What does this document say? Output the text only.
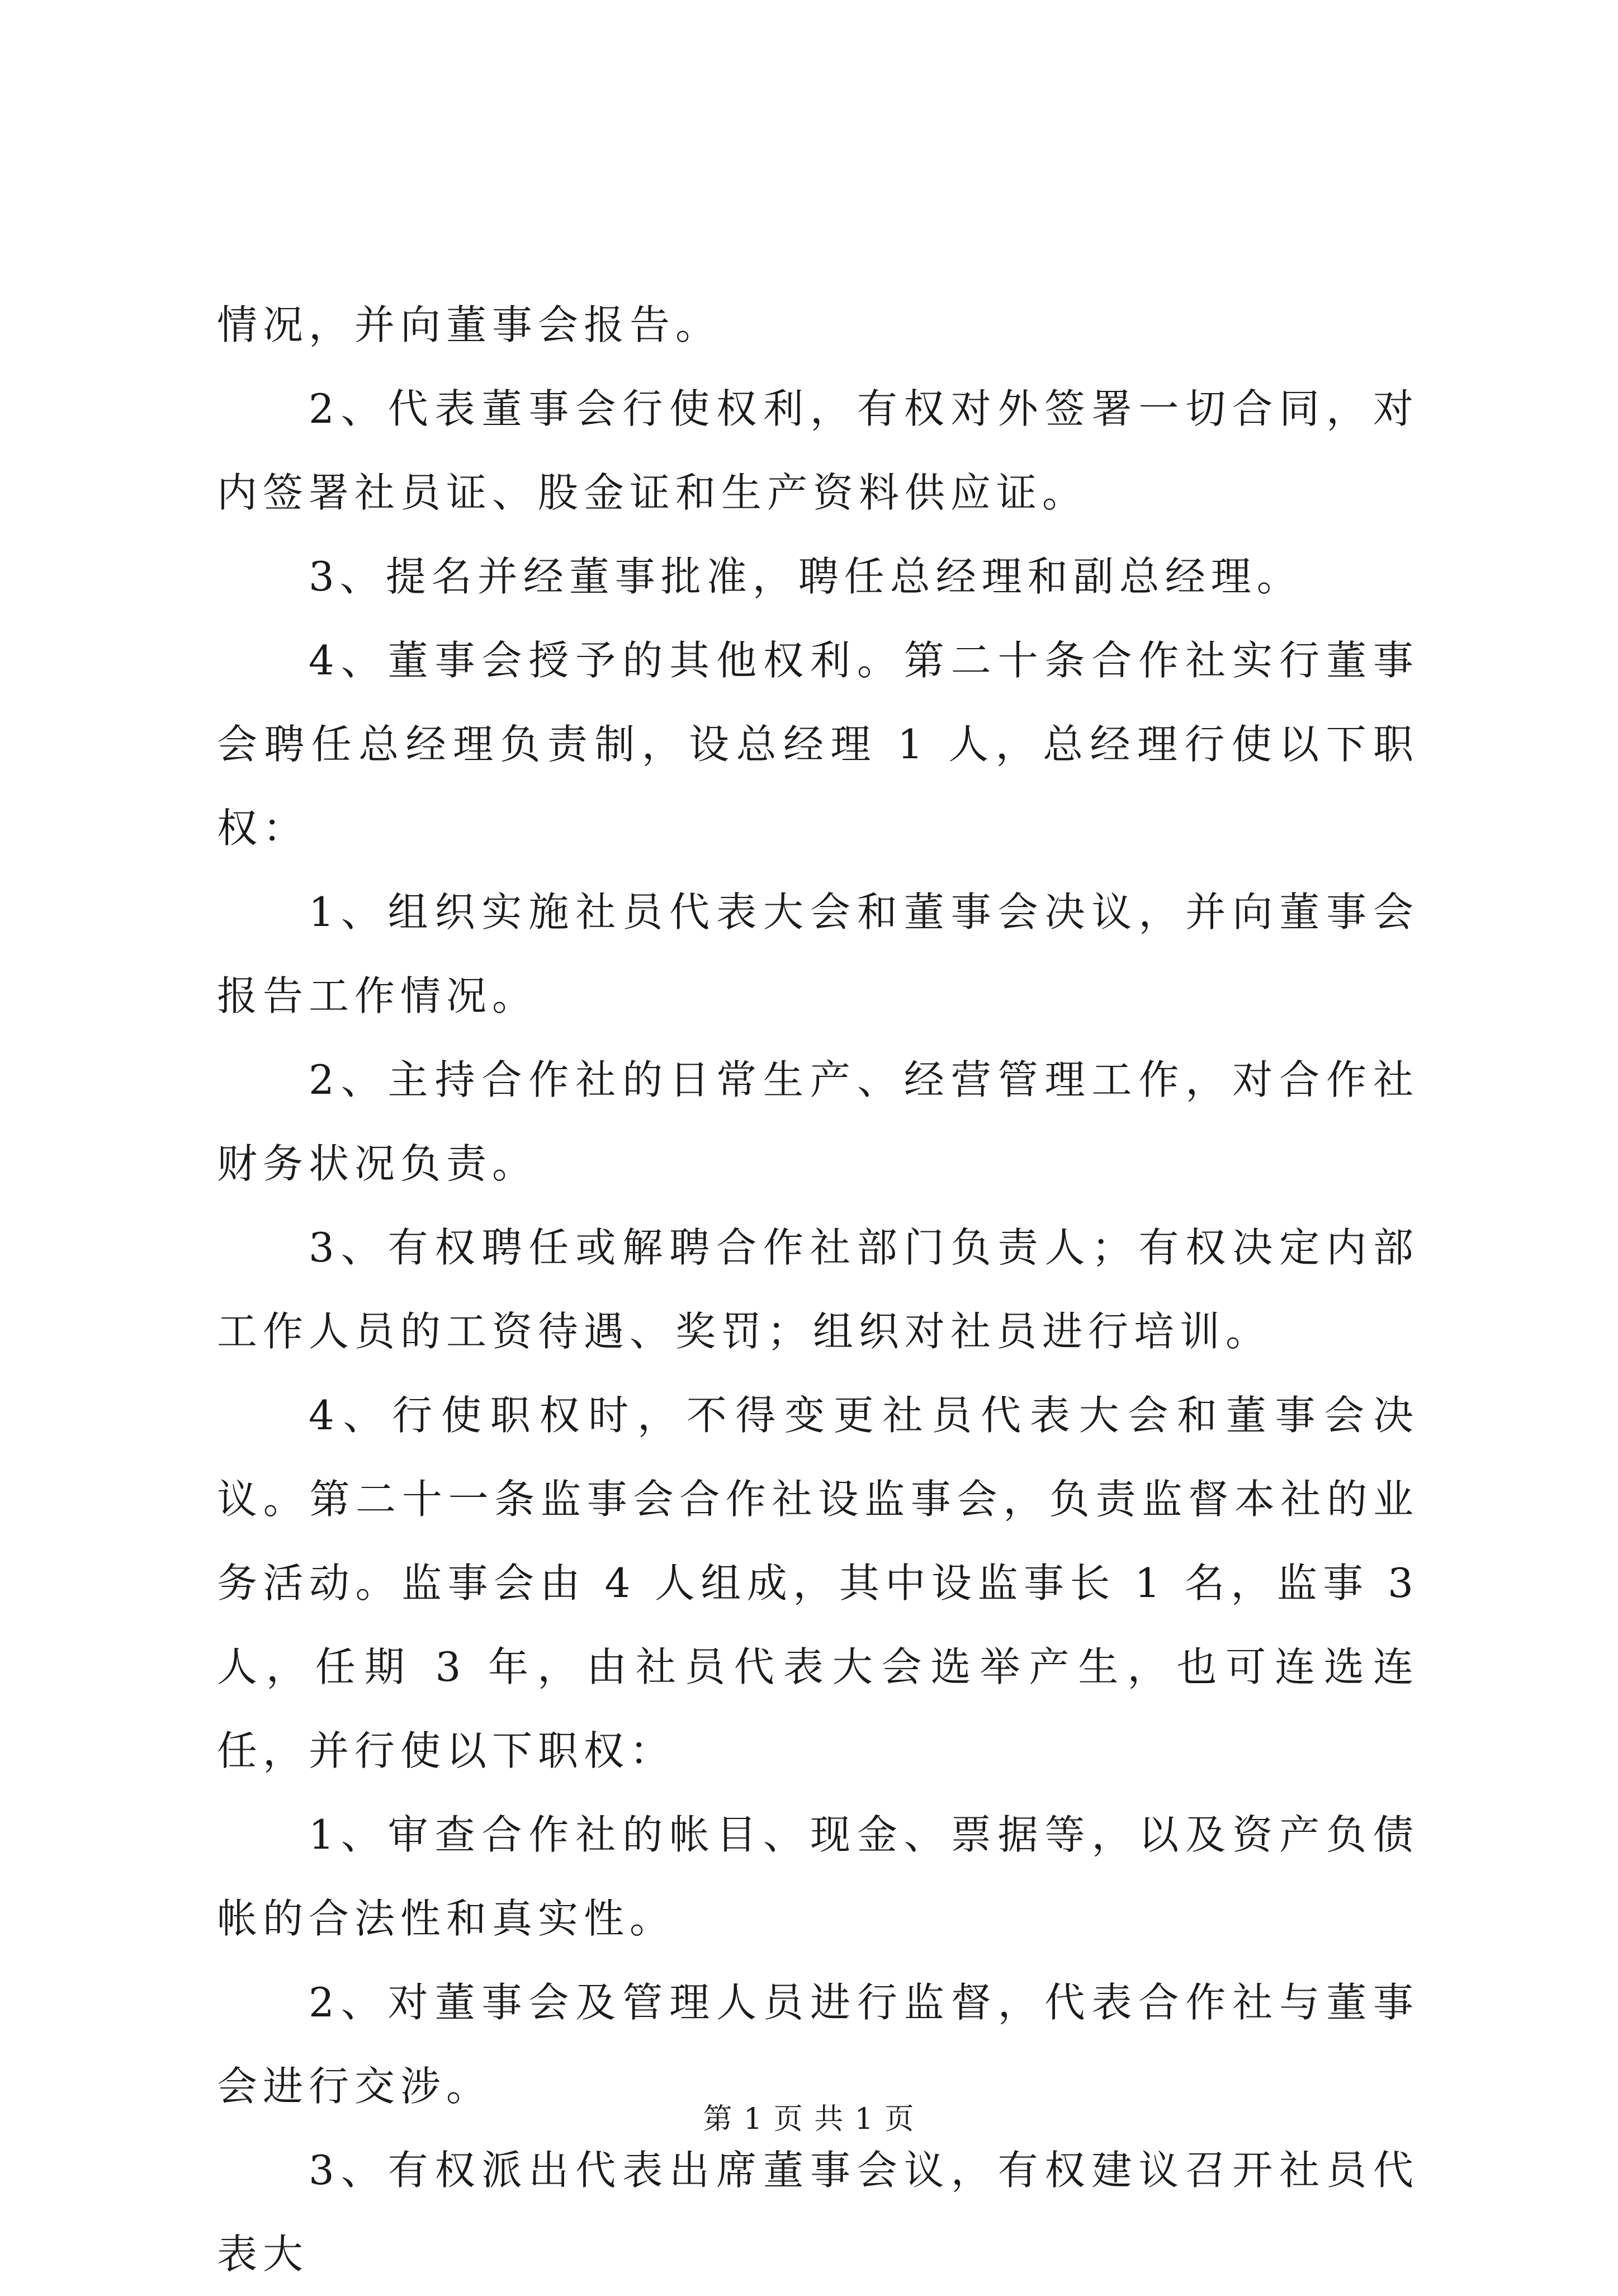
情况，并向董事会报告。

2、代表董事会行使权利，有权对外签署一切合同，对内签署社员证、股金证和生产资料供应证。

3、提名并经董事批准，聘任总经理和副总经理。

4、董事会授予的其他权利。第二十条合作社实行董事会聘任总经理负责制，设总经理 1 人，总经理行使以下职权：

1、组织实施社员代表大会和董事会决议，并向董事会报告工作情况。

2、主持合作社的日常生产、经营管理工作，对合作社财务状况负责。

3、有权聘任或解聘合作社部门负责人；有权决定内部工作人员的工资待遇、奖罚；组织对社员进行培训。

4、行使职权时，不得变更社员代表大会和董事会决议。第二十一条监事会合作社设监事会，负责监督本社的业务活动。监事会由 4 人组成，其中设监事长 1 名，监事 3 人，任期 3 年，由社员代表大会选举产生，也可连选连任，并行使以下职权：

1、审查合作社的帐目、现金、票据等，以及资产负债帐的合法性和真实性。

2、对董事会及管理人员进行监督，代表合作社与董事会进行交涉。

3、有权派出代表出席董事会议，有权建议召开社员代表大

第 1 页 共 1 页
